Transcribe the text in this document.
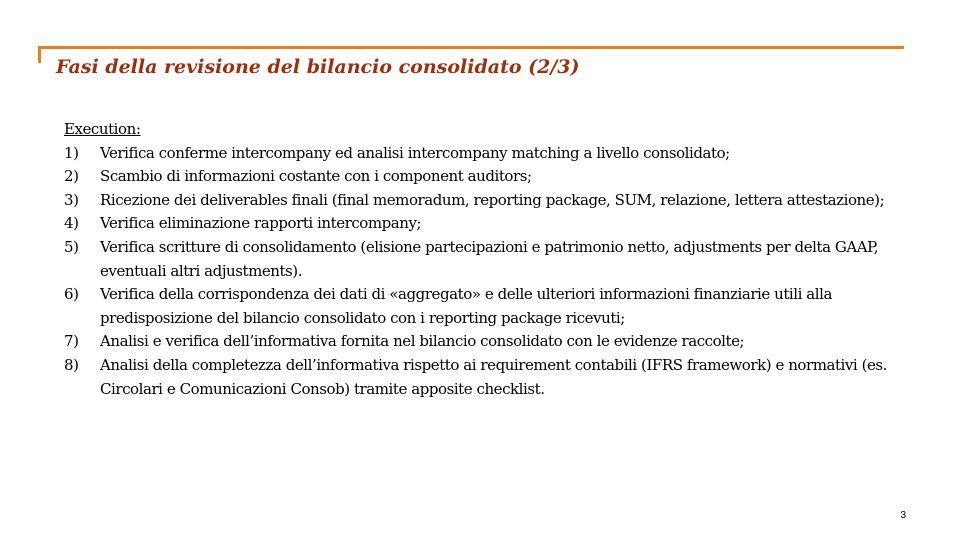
Fasi della revisione del bilancio consolidato (2/3)

Execution:

1)	Verifica conferme intercompany ed analisi intercompany matching a livello consolidato;
2)	Scambio di informazioni costante con i component auditors;
3)	Ricezione dei deliverables finali (final memoradum, reporting package, SUM, relazione, lettera attestazione);
4)	Verifica eliminazione rapporti intercompany;
5)	Verifica scritture di consolidamento (elisione partecipazioni e patrimonio netto, adjustments per delta GAAP, eventuali altri adjustments).
6)	Verifica della corrispondenza dei dati di «aggregato» e delle ulteriori informazioni finanziarie utili alla predisposizione del bilancio consolidato con i reporting package ricevuti;
7)	Analisi e verifica dell’informativa fornita nel bilancio consolidato con le evidenze raccolte;
8)	Analisi della completezza dell’informativa rispetto ai requirement contabili (IFRS framework) e normativi (es. Circolari e Comunicazioni Consob) tramite apposite checklist.
3
